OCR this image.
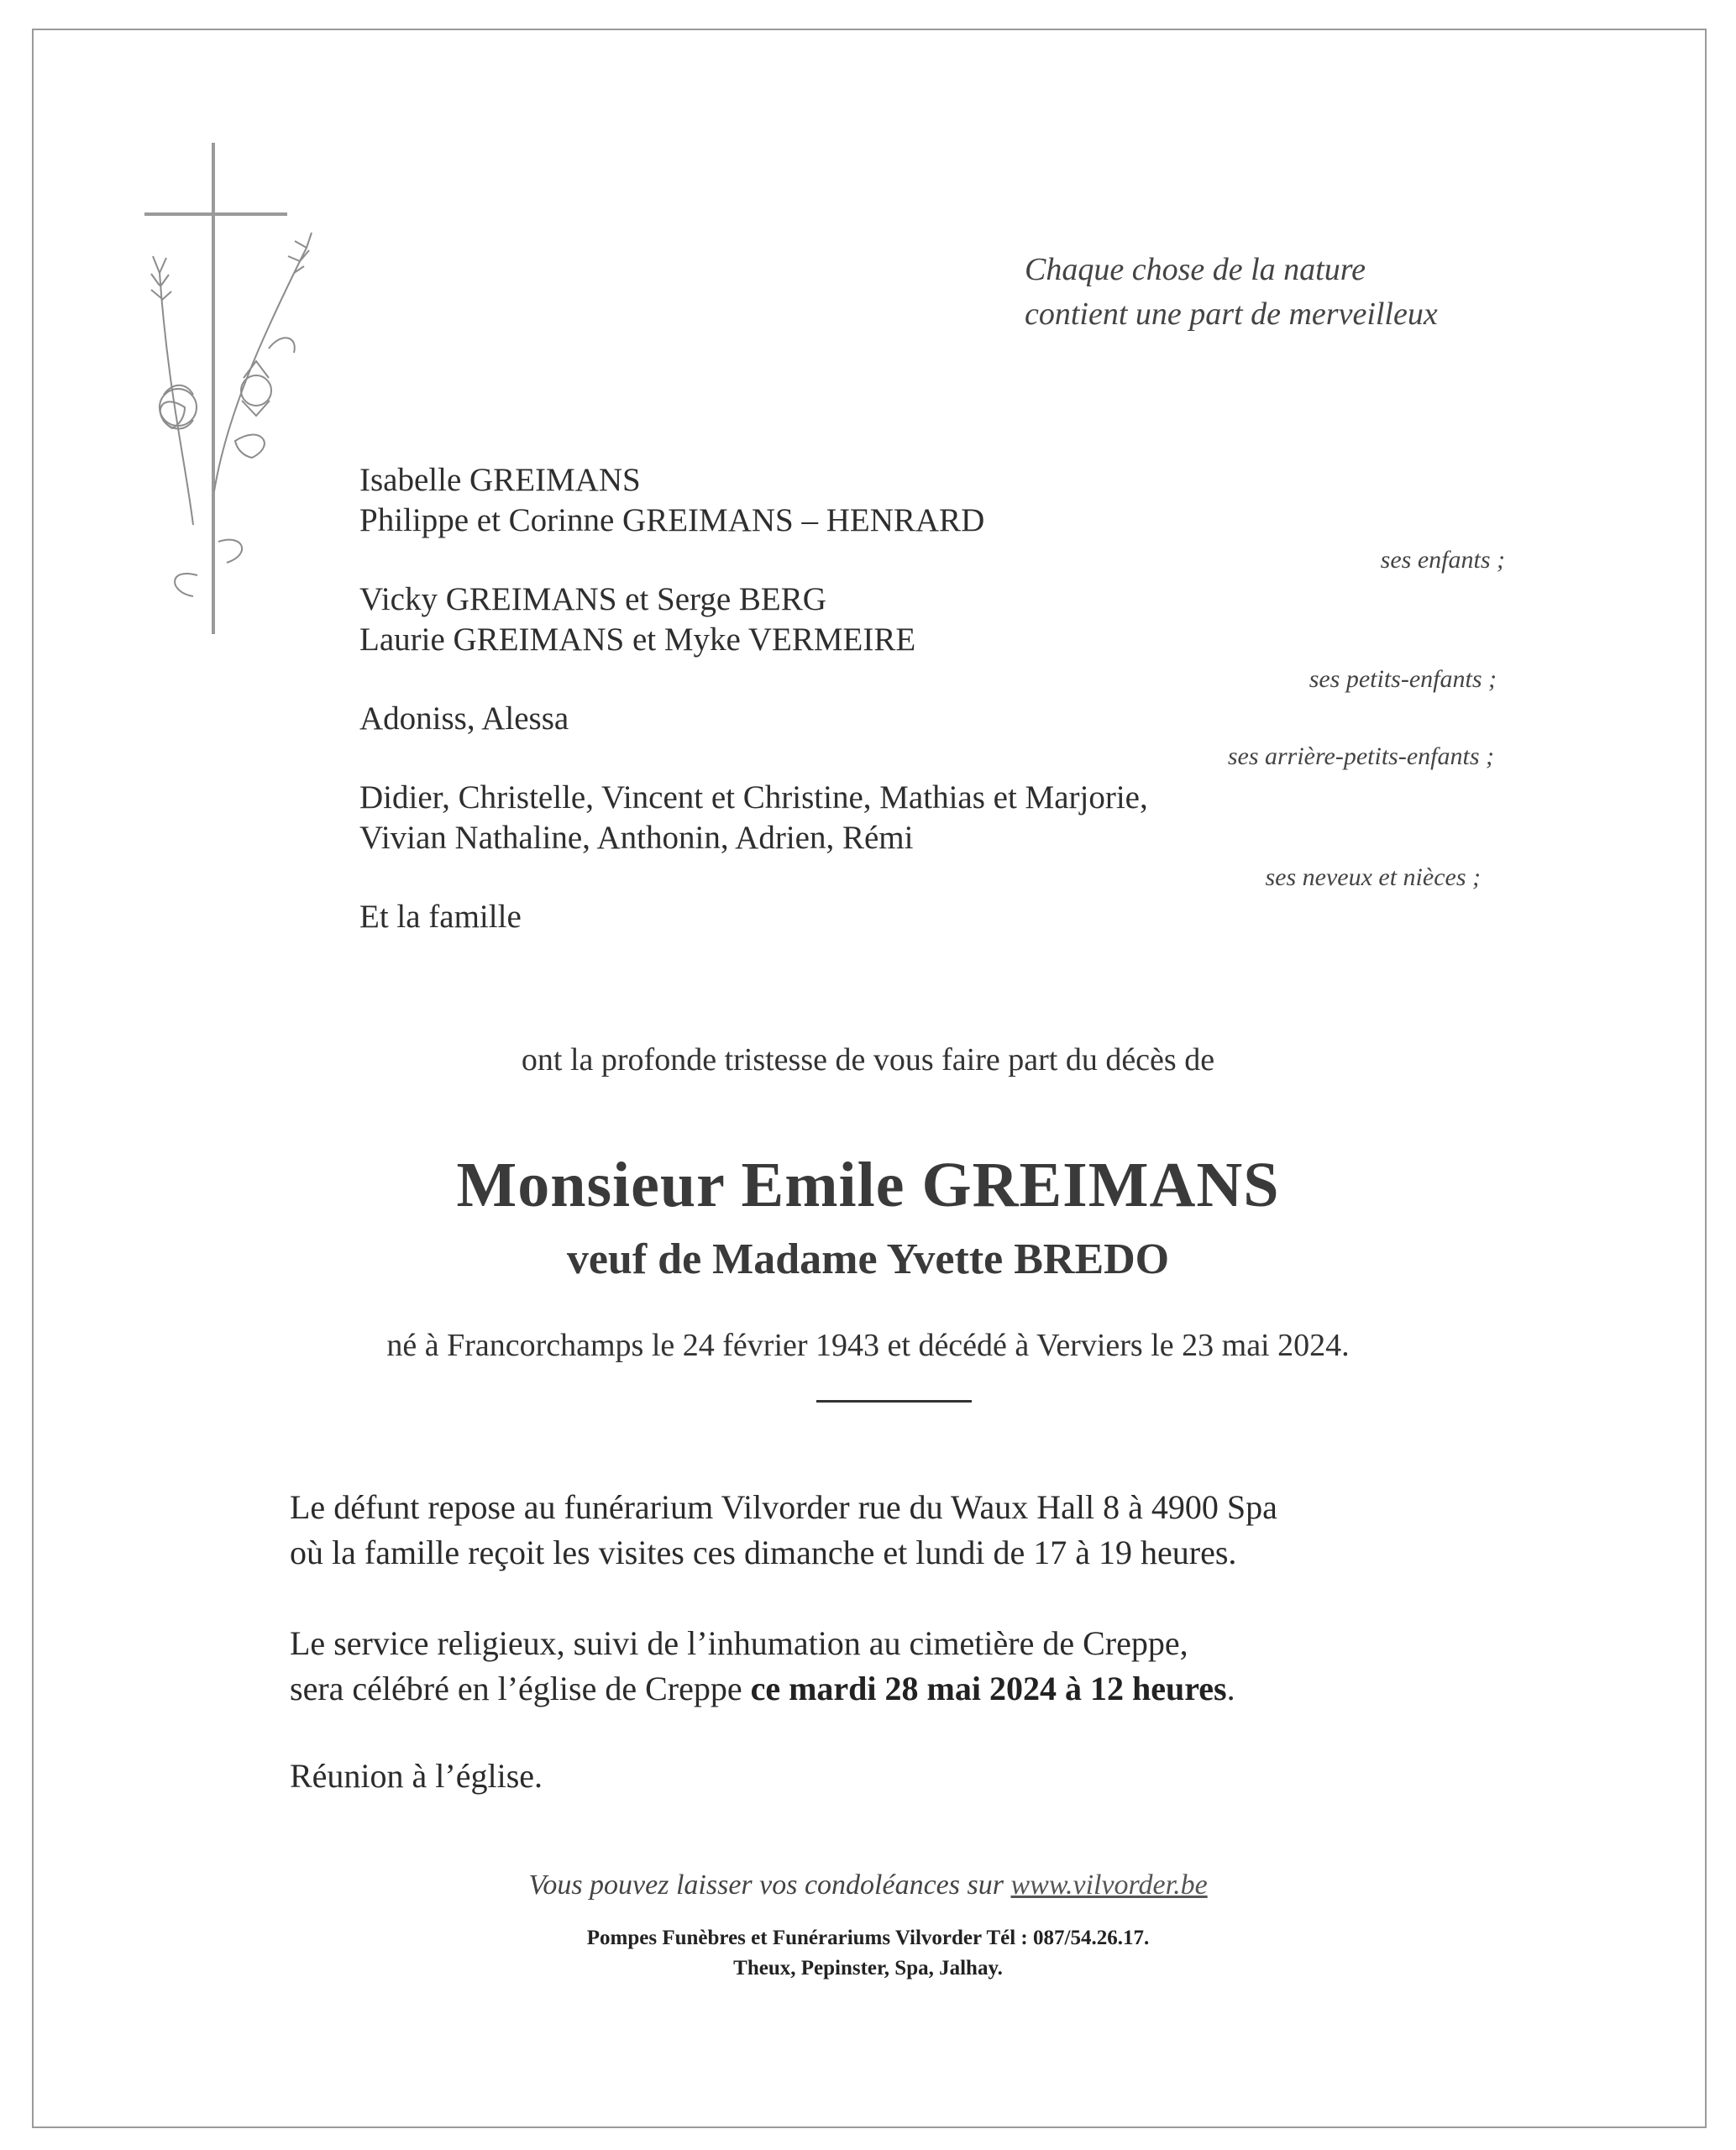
Chaque chose de la nature
contient une part de merveilleux
Isabelle GREIMANS
Philippe et Corinne GREIMANS – HENRARD
ses enfants ;
Vicky GREIMANS et Serge BERG
Laurie GREIMANS et Myke VERMEIRE
ses petits-enfants ;
Adoniss, Alessa
ses arrière-petits-enfants ;
Didier, Christelle, Vincent et Christine, Mathias et Marjorie,
Vivian Nathaline, Anthonin, Adrien, Rémi
ses neveux et nièces ;
Et la famille
ont la profonde tristesse de vous faire part du décès de
Monsieur Emile GREIMANS
veuf de Madame Yvette BREDO
né à Francorchamps le 24 février 1943 et décédé à Verviers le 23 mai 2024.
Le défunt repose au funérarium Vilvorder rue du Waux Hall 8 à 4900 Spa
où la famille reçoit les visites ces dimanche et lundi de 17 à 19 heures.
Le service religieux, suivi de l’inhumation au cimetière de Creppe,
sera célébré en l’église de Creppe ce mardi 28 mai 2024 à 12 heures.
Réunion à l’église.
Vous pouvez laisser vos condoléances sur www.vilvorder.be
Pompes Funèbres et Funérariums Vilvorder Tél : 087/54.26.17.
Theux, Pepinster, Spa, Jalhay.
